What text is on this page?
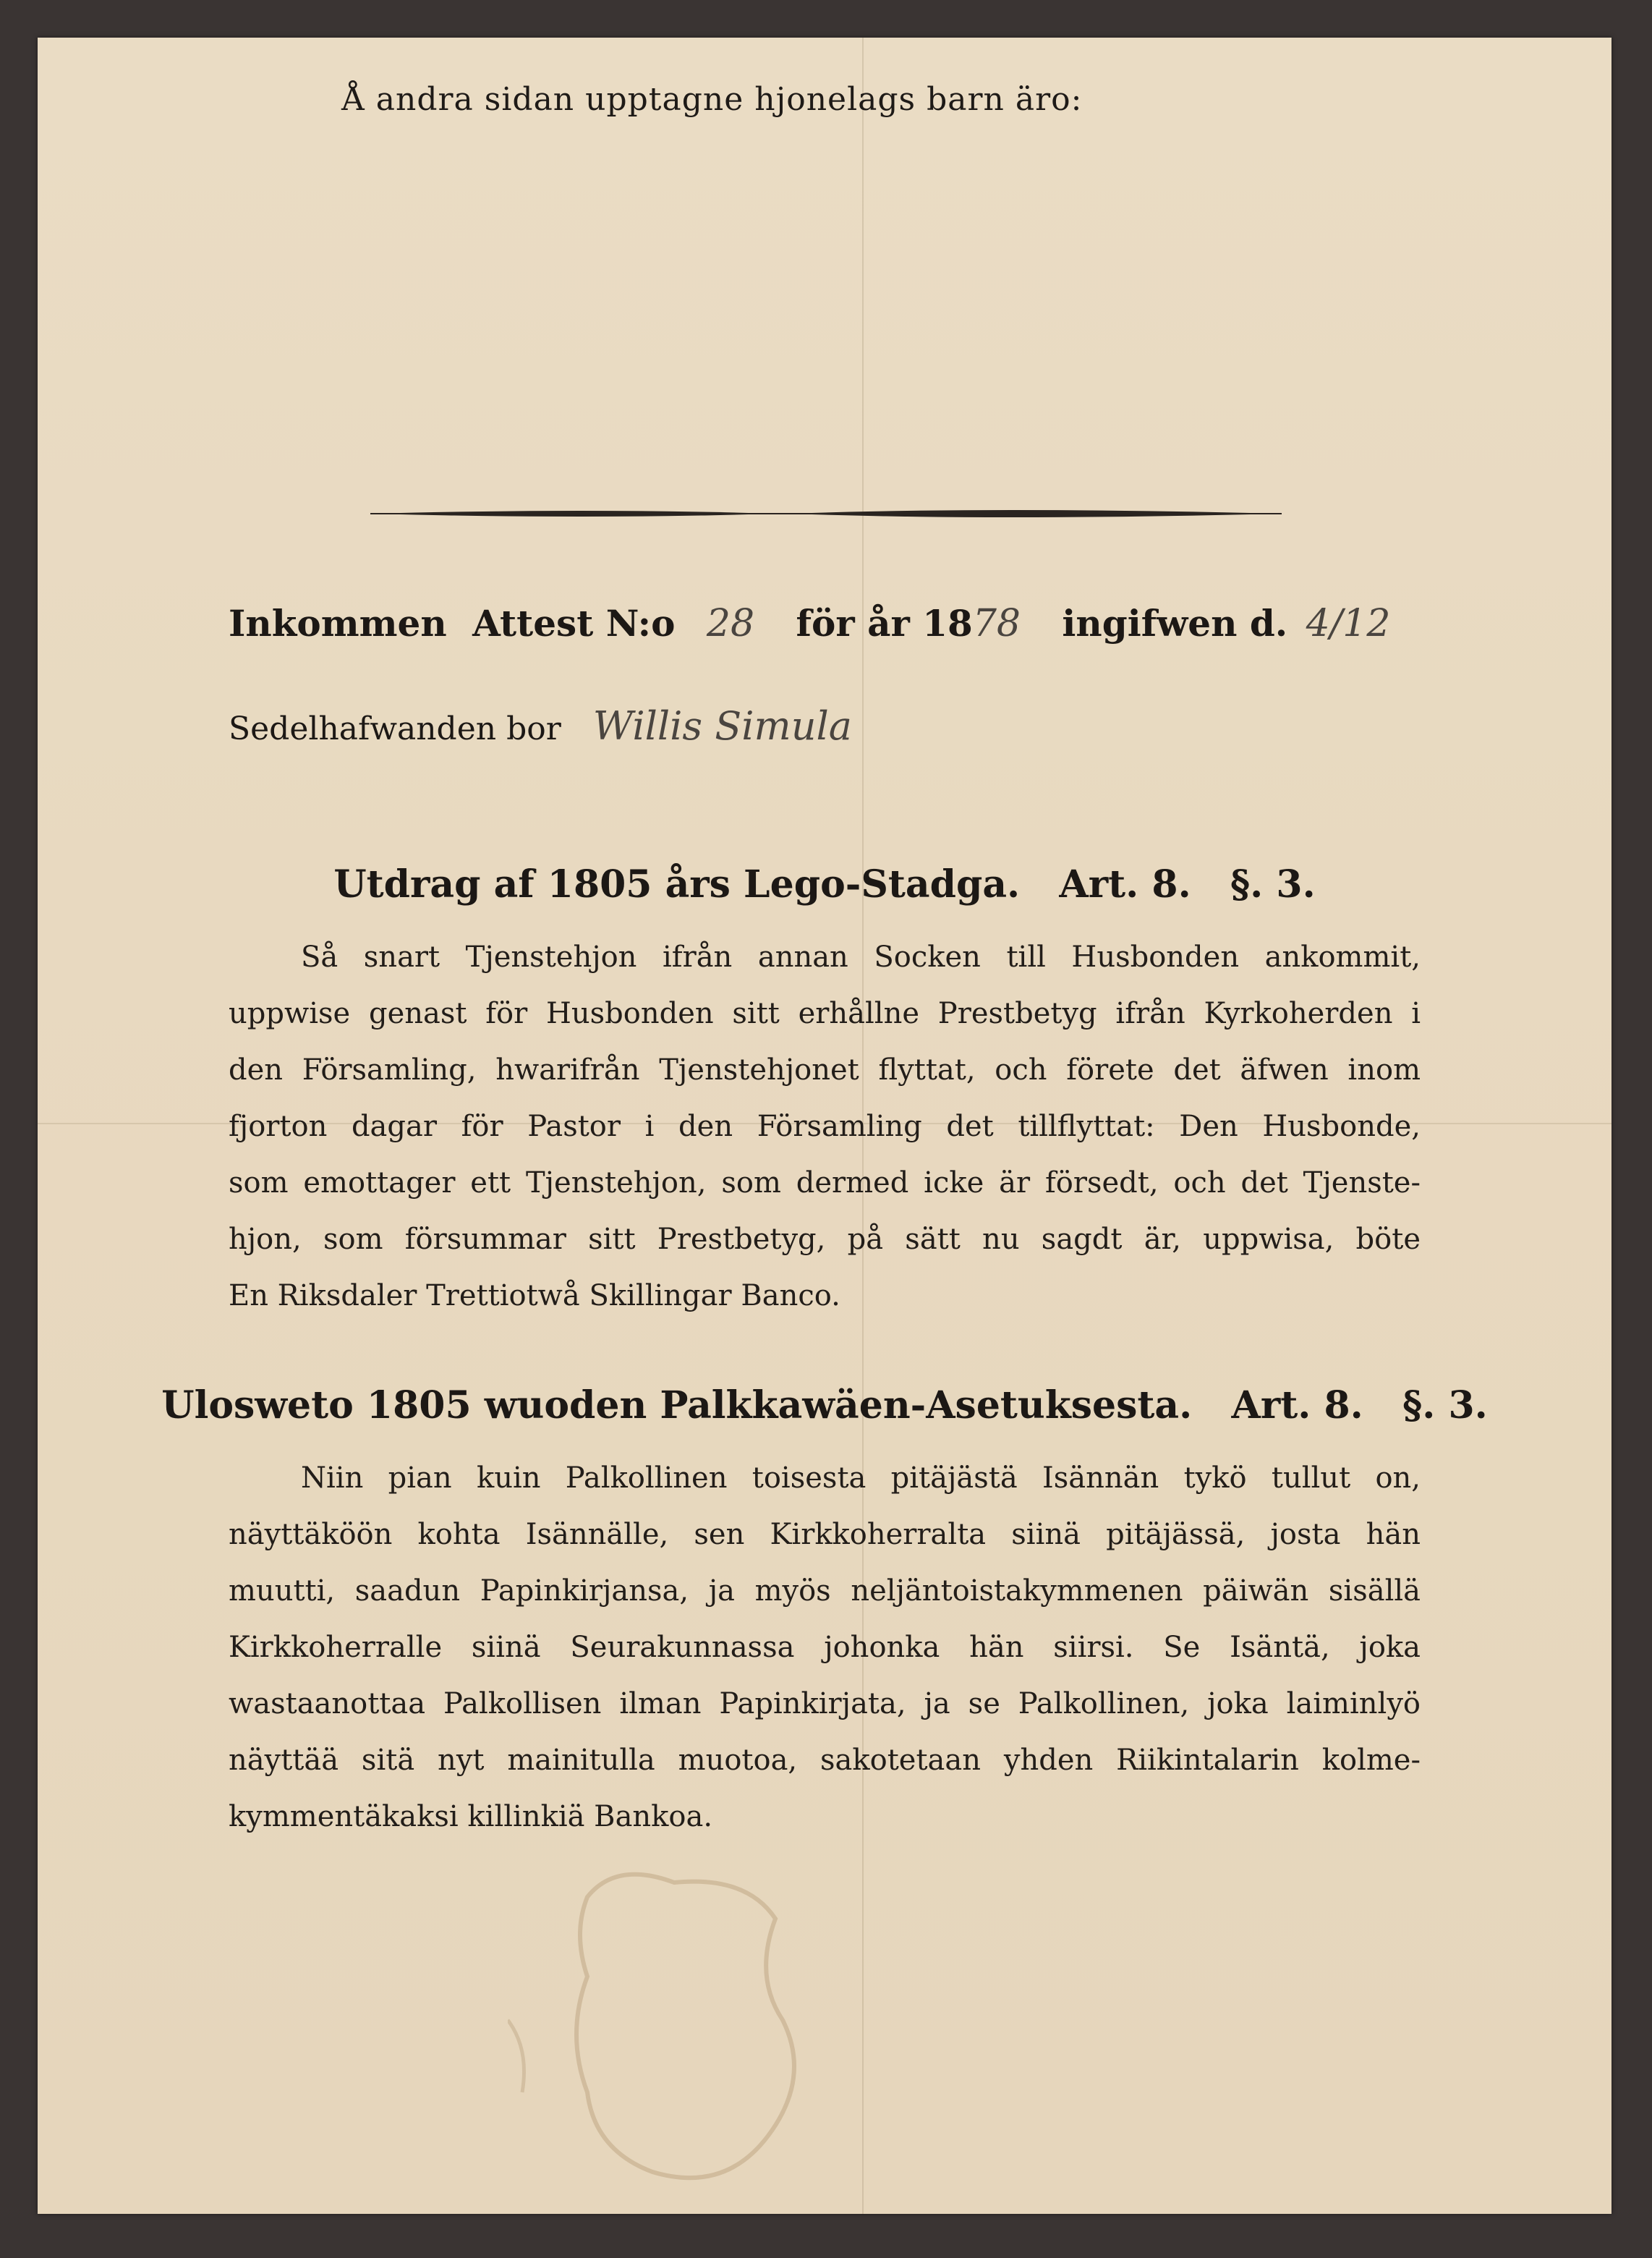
Å andra sidan upptagne hjonelags barn äro:
Inkommen Attest N:o 28 för år 1878 ingifwen d. 4/12
Sedelhafwanden bor Willis Simula
Utdrag af 1805 års Lego-Stadga.   Art. 8.   §. 3.
Så snart Tjenstehjon ifrån annan Socken till Husbonden ankommit,
uppwise genast för Husbonden sitt erhållne Prestbetyg ifrån Kyrkoherden i
den Församling, hwarifrån Tjenstehjonet flyttat, och förete det äfwen inom
fjorton dagar för Pastor i den Församling det tillflyttat: Den Husbonde,
som emottager ett Tjenstehjon, som dermed icke är försedt, och det Tjenste-
hjon, som försummar sitt Prestbetyg, på sätt nu sagdt är, uppwisa, böte
En Riksdaler Trettiotwå Skillingar Banco.
Ulosweto 1805 wuoden Palkkawäen-Asetuksesta.   Art. 8.   §. 3.
Niin pian kuin Palkollinen toisesta pitäjästä Isännän tykö tullut on,
näyttäköön kohta Isännälle, sen Kirkkoherralta siinä pitäjässä, josta hän
muutti, saadun Papinkirjansa, ja myös neljäntoistakymmenen päiwän sisällä
Kirkkoherralle siinä Seurakunnassa johonka hän siirsi. Se Isäntä, joka
wastaanottaa Palkollisen ilman Papinkirjata, ja se Palkollinen, joka laiminlyö
näyttää sitä nyt mainitulla muotoa, sakotetaan yhden Riikintalarin kolme-
kymmentäkaksi killinkiä Bankoa.
